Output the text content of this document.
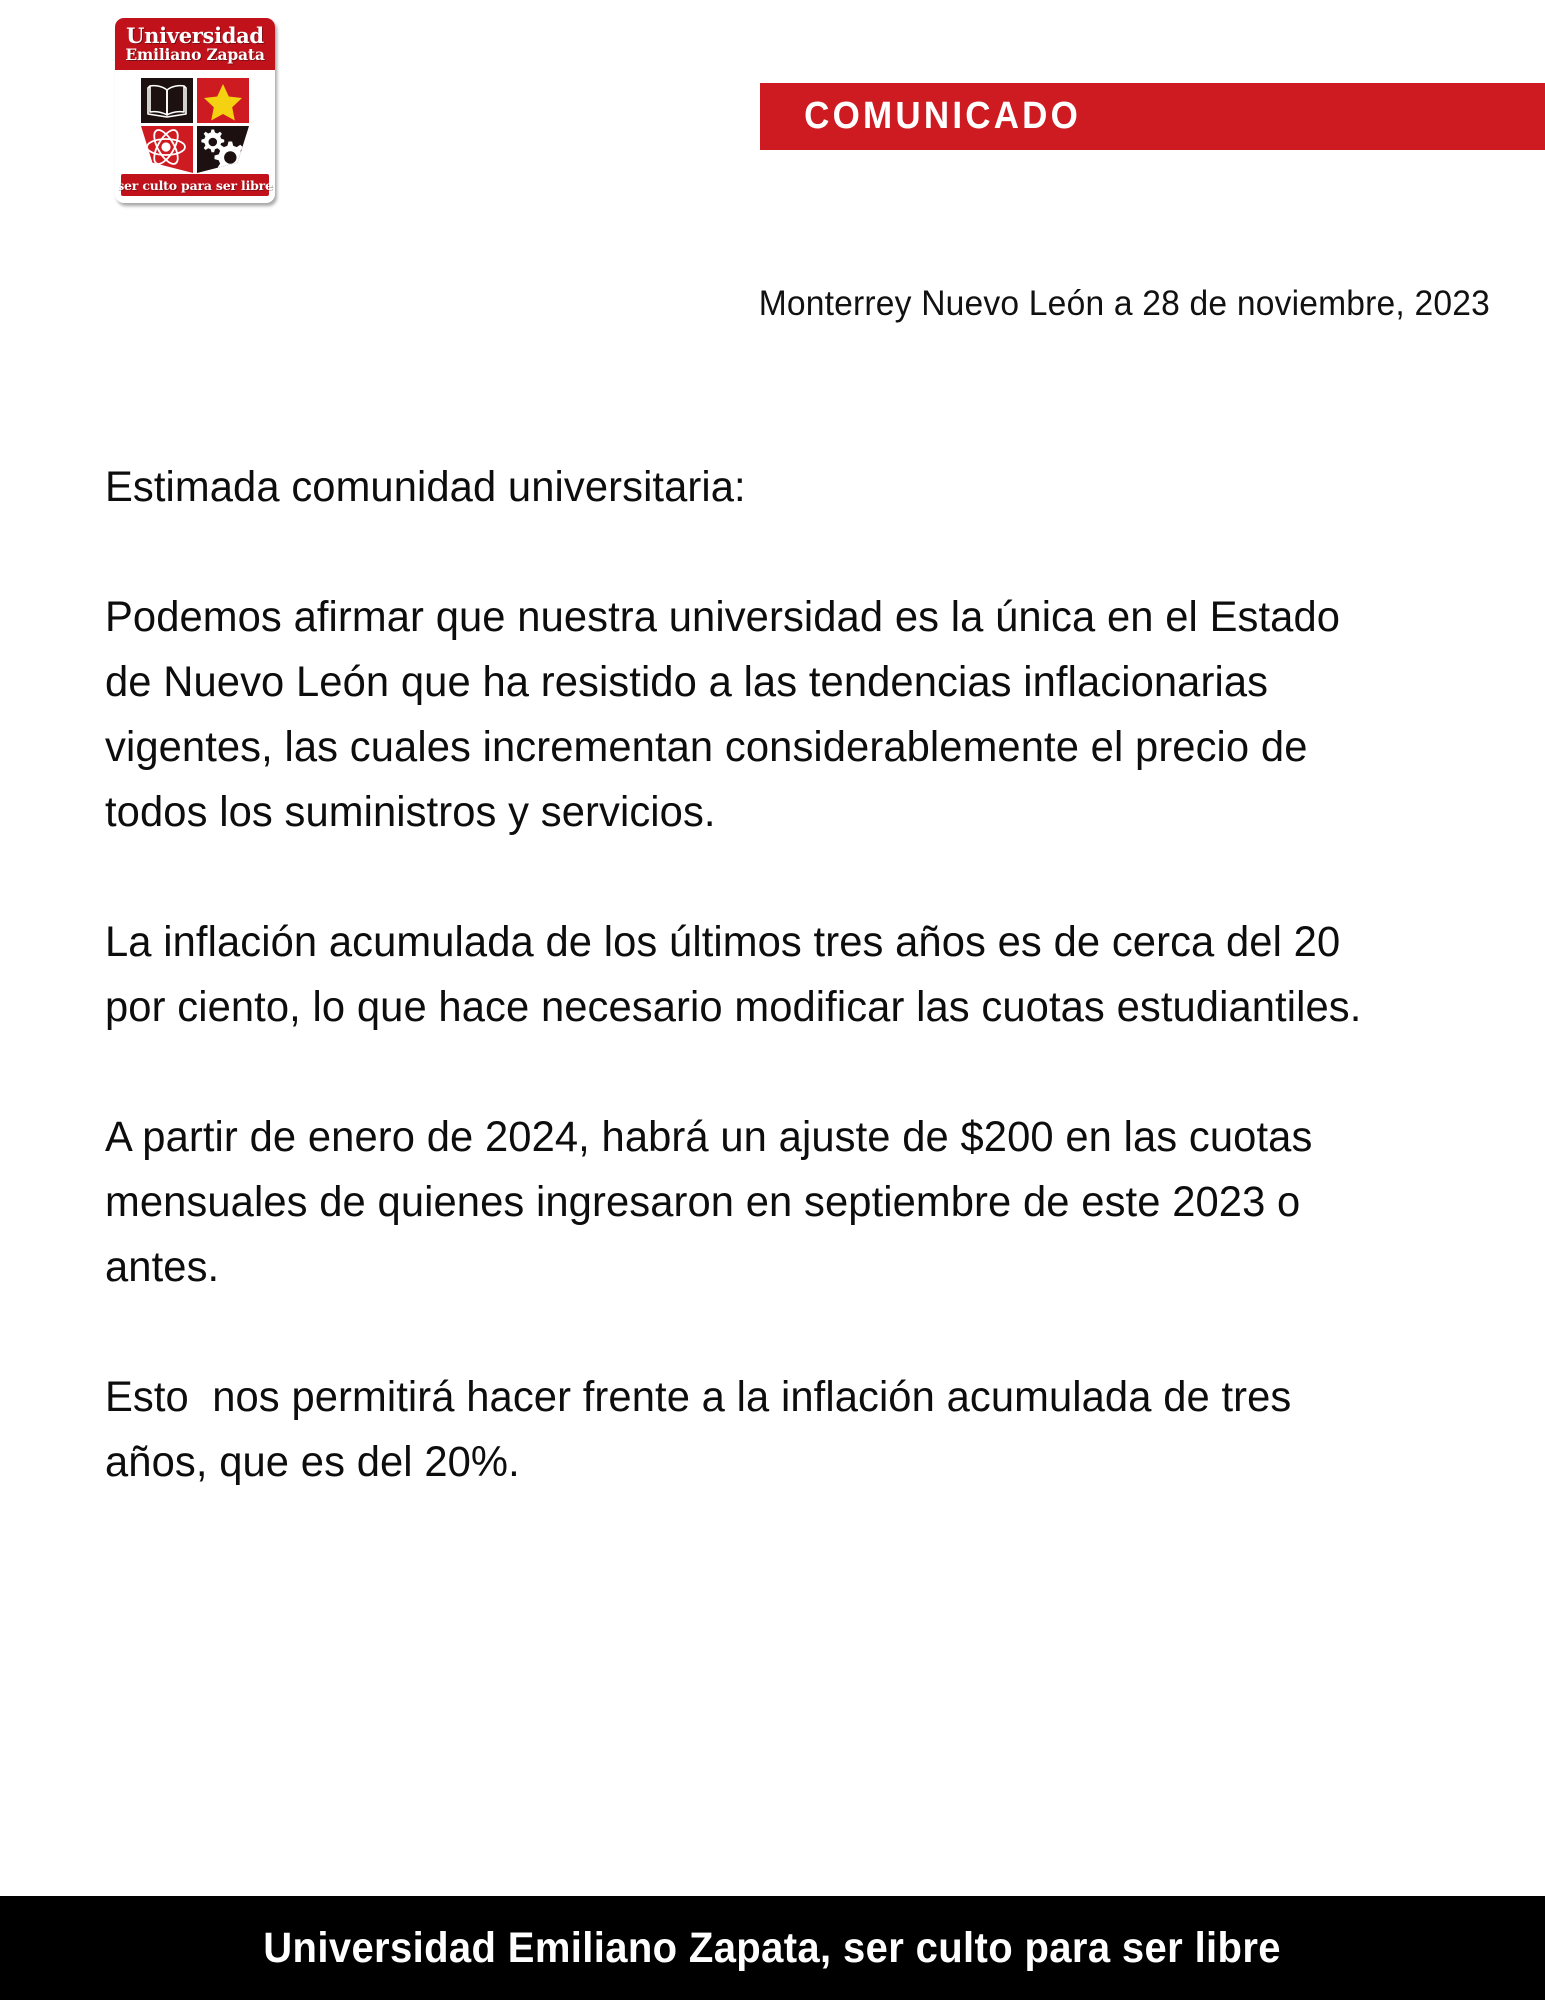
Universidad
Emiliano Zapata
ser culto para ser libre
COMUNICADO
Monterrey Nuevo León a 28 de noviembre, 2023
Estimada comunidad universitaria:
Podemos afirmar que nuestra universidad es la única en el Estado de Nuevo León que ha resistido a las tendencias inflacionarias vigentes, las cuales incrementan considerablemente el precio de todos los suministros y servicios.
La inflación acumulada de los últimos tres años es de cerca del 20 por ciento, lo que hace necesario modificar las cuotas estudiantiles.
A partir de enero de 2024, habrá un ajuste de $200 en las cuotas mensuales de quienes ingresaron en septiembre de este 2023 o antes.
Esto  nos permitirá hacer frente a la inflación acumulada de tres años, que es del 20%.
Universidad Emiliano Zapata, ser culto para ser libre
